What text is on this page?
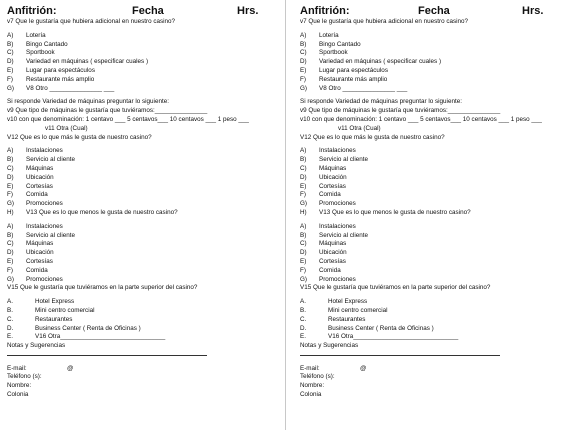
Anfitrión:	Fecha	Hrs.
v7 Que le gustaría que hubiera adicional en nuestro casino?
A)	Lotería
B)	Bingo Cantado
C)	Sportbook
D)	Variedad en máquinas ( especificar cuales )
E)	Lugar para espectáculos
F)	Restaurante más amplio
G)	V8 Otro _______________ ___
Si responde Variedad de máquinas preguntar lo siguiente:
v9 Que tipo de máquinas le gustaría que tuviéramos:_______________
v10 con que denominación: 1 centavo ___ 5 centavos___ 10 centavos ___ 1 peso ___
v11 Otra (Cual)
V12 Que es lo que más le gusta de nuestro casino?
A)	Instalaciones
B)	Servicio al cliente
C)	Máquinas
D)	Ubicación
E)	Cortesías
F)	Comida
G)	Promociones
H)	V13 Que es lo que menos le gusta de nuestro casino?
A)	Instalaciones
B)	Servicio al cliente
C)	Máquinas
D)	Ubicación
E)	Cortesías
F)	Comida
G)	Promociones
V15 Que le gustaría que tuviéramos en la parte superior del casino?
A.	Hotel Express
B.	Mini centro comercial
C.	Restaurantes
D.	Business Center ( Renta de Oficinas )
E.	V16 Otra______________________________
Notas y Sugerencias
E-mail:	@
Teléfono (s):
Nombre:
Colonia
Anfitrión:	Fecha	Hrs.
v7 Que le gustaría que hubiera adicional en nuestro casino?
A)	Lotería
B)	Bingo Cantado
C)	Sportbook
D)	Variedad en máquinas ( especificar cuales )
E)	Lugar para espectáculos
F)	Restaurante más amplio
G)	V8 Otro _______________ ___
Si responde Variedad de máquinas preguntar lo siguiente:
v9 Que tipo de máquinas le gustaría que tuviéramos:_______________
v10 con que denominación: 1 centavo ___ 5 centavos___ 10 centavos ___ 1 peso ___
v11 Otra (Cual)
V12 Que es lo que más le gusta de nuestro casino?
A)	Instalaciones
B)	Servicio al cliente
C)	Máquinas
D)	Ubicación
E)	Cortesías
F)	Comida
G)	Promociones
H)	V13 Que es lo que menos le gusta de nuestro casino?
A)	Instalaciones
B)	Servicio al cliente
C)	Máquinas
D)	Ubicación
E)	Cortesías
F)	Comida
G)	Promociones
V15 Que le gustaría que tuviéramos en la parte superior del casino?
A.	Hotel Express
B.	Mini centro comercial
C.	Restaurantes
D.	Business Center ( Renta de Oficinas )
E.	V16 Otra______________________________
Notas y Sugerencias
E-mail:	@
Teléfono (s):
Nombre:
Colonia
